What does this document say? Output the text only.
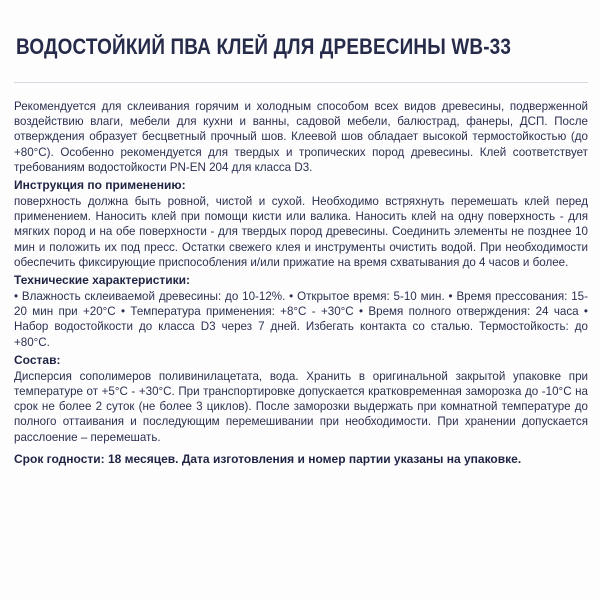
ВОДОСТОЙКИЙ ПВА КЛЕЙ ДЛЯ ДРЕВЕСИНЫ WB-33

Рекомендуется для склеивания горячим и холодным способом всех видов древесины, подверженной воздействию влаги, мебели для кухни и ванны, садовой мебели, балюстрад, фанеры, ДСП. После отверждения образует бесцветный прочный шов. Клеевой шов обладает высокой термостойкостью (до +80°С). Особенно рекомендуется для твердых и тропических пород древесины. Клей соответствует требованиям водостойкости PN-EN 204 для класса D3.

Инструкция по применению:

поверхность должна быть ровной, чистой и сухой. Необходимо встряхнуть перемешать клей перед применением. Наносить клей при помощи кисти или валика. Наносить клей на одну поверхность - для мягких пород и на обе поверхности - для твердых пород древесины. Соединить элементы не позднее 10 мин и положить их под пресс. Остатки свежего клея и инструменты очистить водой. При необходимости обеспечить фиксирующие приспособления и/или прижатие на время схватывания до 4 часов и более.

Технические характеристики:

• Влажность склеиваемой древесины: до 10-12%. • Открытое время: 5-10 мин. • Время прессования: 15-20 мин при +20°С • Температура применения: +8°С - +30°С • Время полного отверждения: 24 часа • Набор водостойкости до класса D3 через 7 дней. Избегать контакта со сталью. Термостойкость: до +80°С.

Состав:

Дисперсия сополимеров поливинилацетата, вода. Хранить в оригинальной закрытой упаковке при температуре от +5°С - +30°С. При транспортировке допускается кратковременная заморозка до -10°С на срок не более 2 суток (не более 3 циклов). После заморозки выдержать при комнатной температуре до полного оттаивания и последующим перемешивании при необходимости. При хранении допускается расслоение – перемешать.

Срок годности: 18 месяцев. Дата изготовления и номер партии указаны на упаковке.
